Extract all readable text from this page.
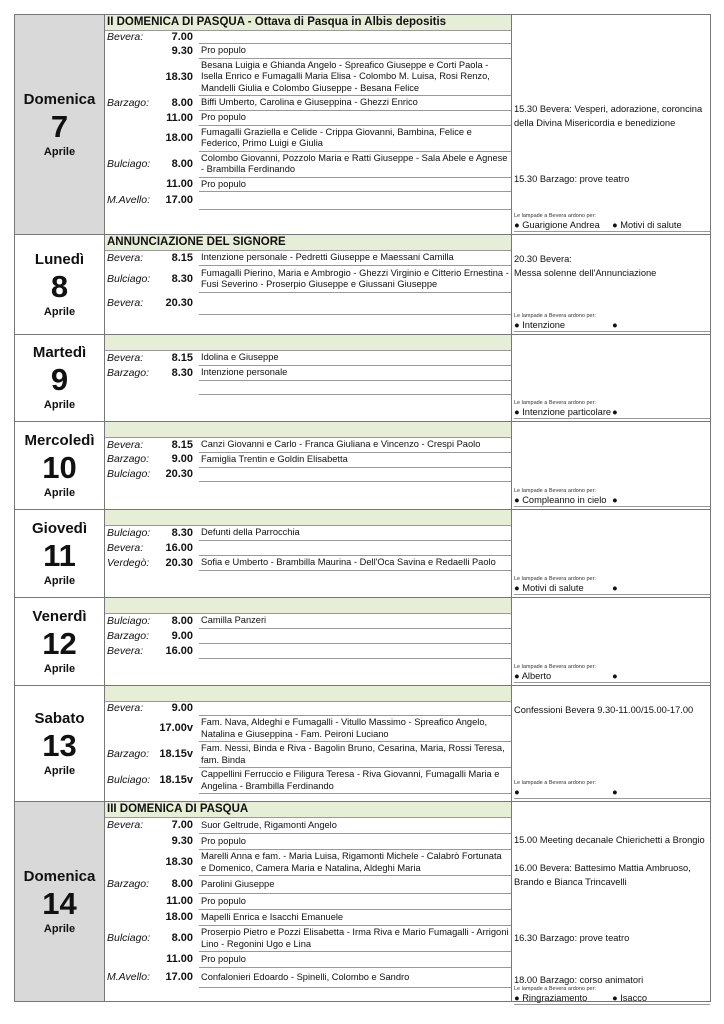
Domenica
7
Aprile
II DOMENICA DI PASQUA - Ottava di Pasqua in Albis depositis
Bevera:	7.00
9.30 Pro populo
18.30
Besana Luigia e Ghianda Angelo - Spreafico Giuseppe e Corti Paola - Isella Enrico e Fumagalli Maria Elisa - Colombo M. Luisa, Rosi Renzo, Mandelli Giulia e Colombo Giuseppe - Besana Felice
Barzago:	8.00 Biffi Umberto, Carolina e Giuseppina - Ghezzi Enrico
11.00 Pro populo
18.00
Fumagalli Graziella e Celide - Crippa Giovanni, Bambina, Felice e Federico, Primo Luigi e Giulia
Bulciago:	8.00
Colombo Giovanni, Pozzolo Maria e Ratti Giuseppe - Sala Abele e Agnese - Brambilla Ferdinando
11.00 Pro populo
M.Avello:	17.00
15.30 Bevera: Vesperi, adorazione, coroncina
della Divina Misericordia e benedizione
15.30 Barzago: prove teatro
Le lampade a Bevera ardono per:
● Guarigione Andrea	● Motivi di salute
Lunedì
8
Aprile
ANNUNCIAZIONE DEL SIGNORE
Bevera:	8.15 Intenzione personale - Pedretti Giuseppe e Maessani Camilla
Bulciago:	8.30
Fumagalli Pierino, Maria e Ambrogio - Ghezzi Virginio e Citterio Ernestina - Fusi Severino - Proserpio Giuseppe e Giussani Giuseppe
Bevera:	20.30
20.30 Bevera:
Messa solenne dell'Annunciazione
Le lampade a Bevera ardono per:
● Intenzione	●
Martedì
9
Aprile
Bevera:	8.15 Idolina e Giuseppe
Barzago:	8.30 Intenzione personale
Le lampade a Bevera ardono per:
● Intenzione particolare ●
Mercoledì
10
Aprile
Bevera:	8.15 Canzi Giovanni e Carlo - Franca Giuliana e Vincenzo - Crespi Paolo
Barzago:	9.00 Famiglia Trentin e Goldin Elisabetta
Bulciago:	20.30
Le lampade a Bevera ardono per:
● Compleanno in cielo ●
Giovedì
11
Aprile
Bulciago:	8.30 Defunti della Parrocchia
Bevera:	16.00
Verdegò:	20.30 Sofia e Umberto - Brambilla Maurina - Dell'Oca Savina e Redaelli Paolo
Le lampade a Bevera ardono per:
● Motivi di salute	●
Venerdì
12
Aprile
Bulciago:	8.00 Camilla Panzeri
Barzago:	9.00
Bevera:	16.00
Le lampade a Bevera ardono per:
● Alberto	●
Sabato
13
Aprile
Bevera:	9.00
17.00v
Fam. Nava, Aldeghi e Fumagalli - Vitullo Massimo - Spreafico Angelo, Natalina e Giuseppina - Fam. Peironi Luciano
Barzago: 18.15v
Fam. Nessi, Binda e Riva - Bagolin Bruno, Cesarina, Maria, Rossi Teresa, fam. Binda
Bulciago: 18.15v
Cappellini Ferruccio e Filigura Teresa - Riva Giovanni, Fumagalli Maria e Angelina - Brambilla Ferdinando
Confessioni Bevera 9.30-11.00/15.00-17.00
Le lampade a Bevera ardono per:
●	●
Domenica
14
Aprile
III DOMENICA DI PASQUA
Bevera:	7.00 Suor Geltrude, Rigamonti Angelo
9.30 Pro populo
18.30
Marelli Anna e fam. - Maria Luisa, Rigamonti Michele - Calabrò Fortunata e Domenico, Camera Maria e Natalina, Aldeghi Maria
Barzago:	8.00 Parolini Giuseppe
11.00 Pro populo
18.00 Mapelli Enrica e Isacchi Emanuele
Bulciago:	8.00
Proserpio Pietro e Pozzi Elisabetta - Irma Riva e Mario Fumagalli - Arrigoni Lino - Regonini Ugo e Lina
11.00 Pro populo
M.Avello:	17.00 Confalonieri Edoardo - Spinelli, Colombo e Sandro
15.00 Meeting decanale Chierichetti a Brongio
16.00 Bevera: Battesimo Mattia Ambruoso,
Brando e Bianca Trincavelli
16.30 Barzago: prove teatro
18.00 Barzago: corso animatori
Le lampade a Bevera ardono per:
● Ringraziamento	● Isacco
